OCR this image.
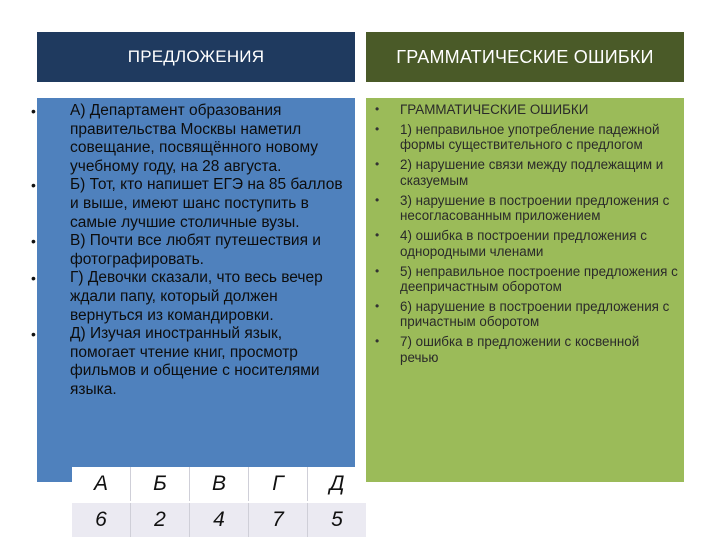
ПРЕДЛОЖЕНИЯ	ГРАММАТИЧЕСКИЕ ОШИБКИ
• А) Департамент образования правительства Москвы наметил совещание, посвящённого новому учебному году, на 28 августа.
• Б) Тот, кто напишет ЕГЭ на 85 баллов и выше, имеют шанс поступить в самые лучшие столичные вузы.
• В) Почти все любят путешествия и фотографировать.
• Г) Девочки сказали, что весь вечер ждали папу, который должен вернуться из командировки.
• Д) Изучая иностранный язык, помогает чтение книг, просмотр фильмов и общение с носителями языка.
• ГРАММАТИЧЕСКИЕ ОШИБКИ
• 1) неправильное употребление падежной формы существительного с предлогом
• 2) нарушение связи между подлежащим и сказуемым
• 3) нарушение в построении предложения с несогласованным приложением
• 4) ошибка в построении предложения с однородными членами
• 5) неправильное построение предложения с деепричастным оборотом
• 6) нарушение в построении предложения с причастным оборотом
• 7) ошибка в предложении с косвенной речью
А	Б	В	Г	Д
6	2	4	7	5
